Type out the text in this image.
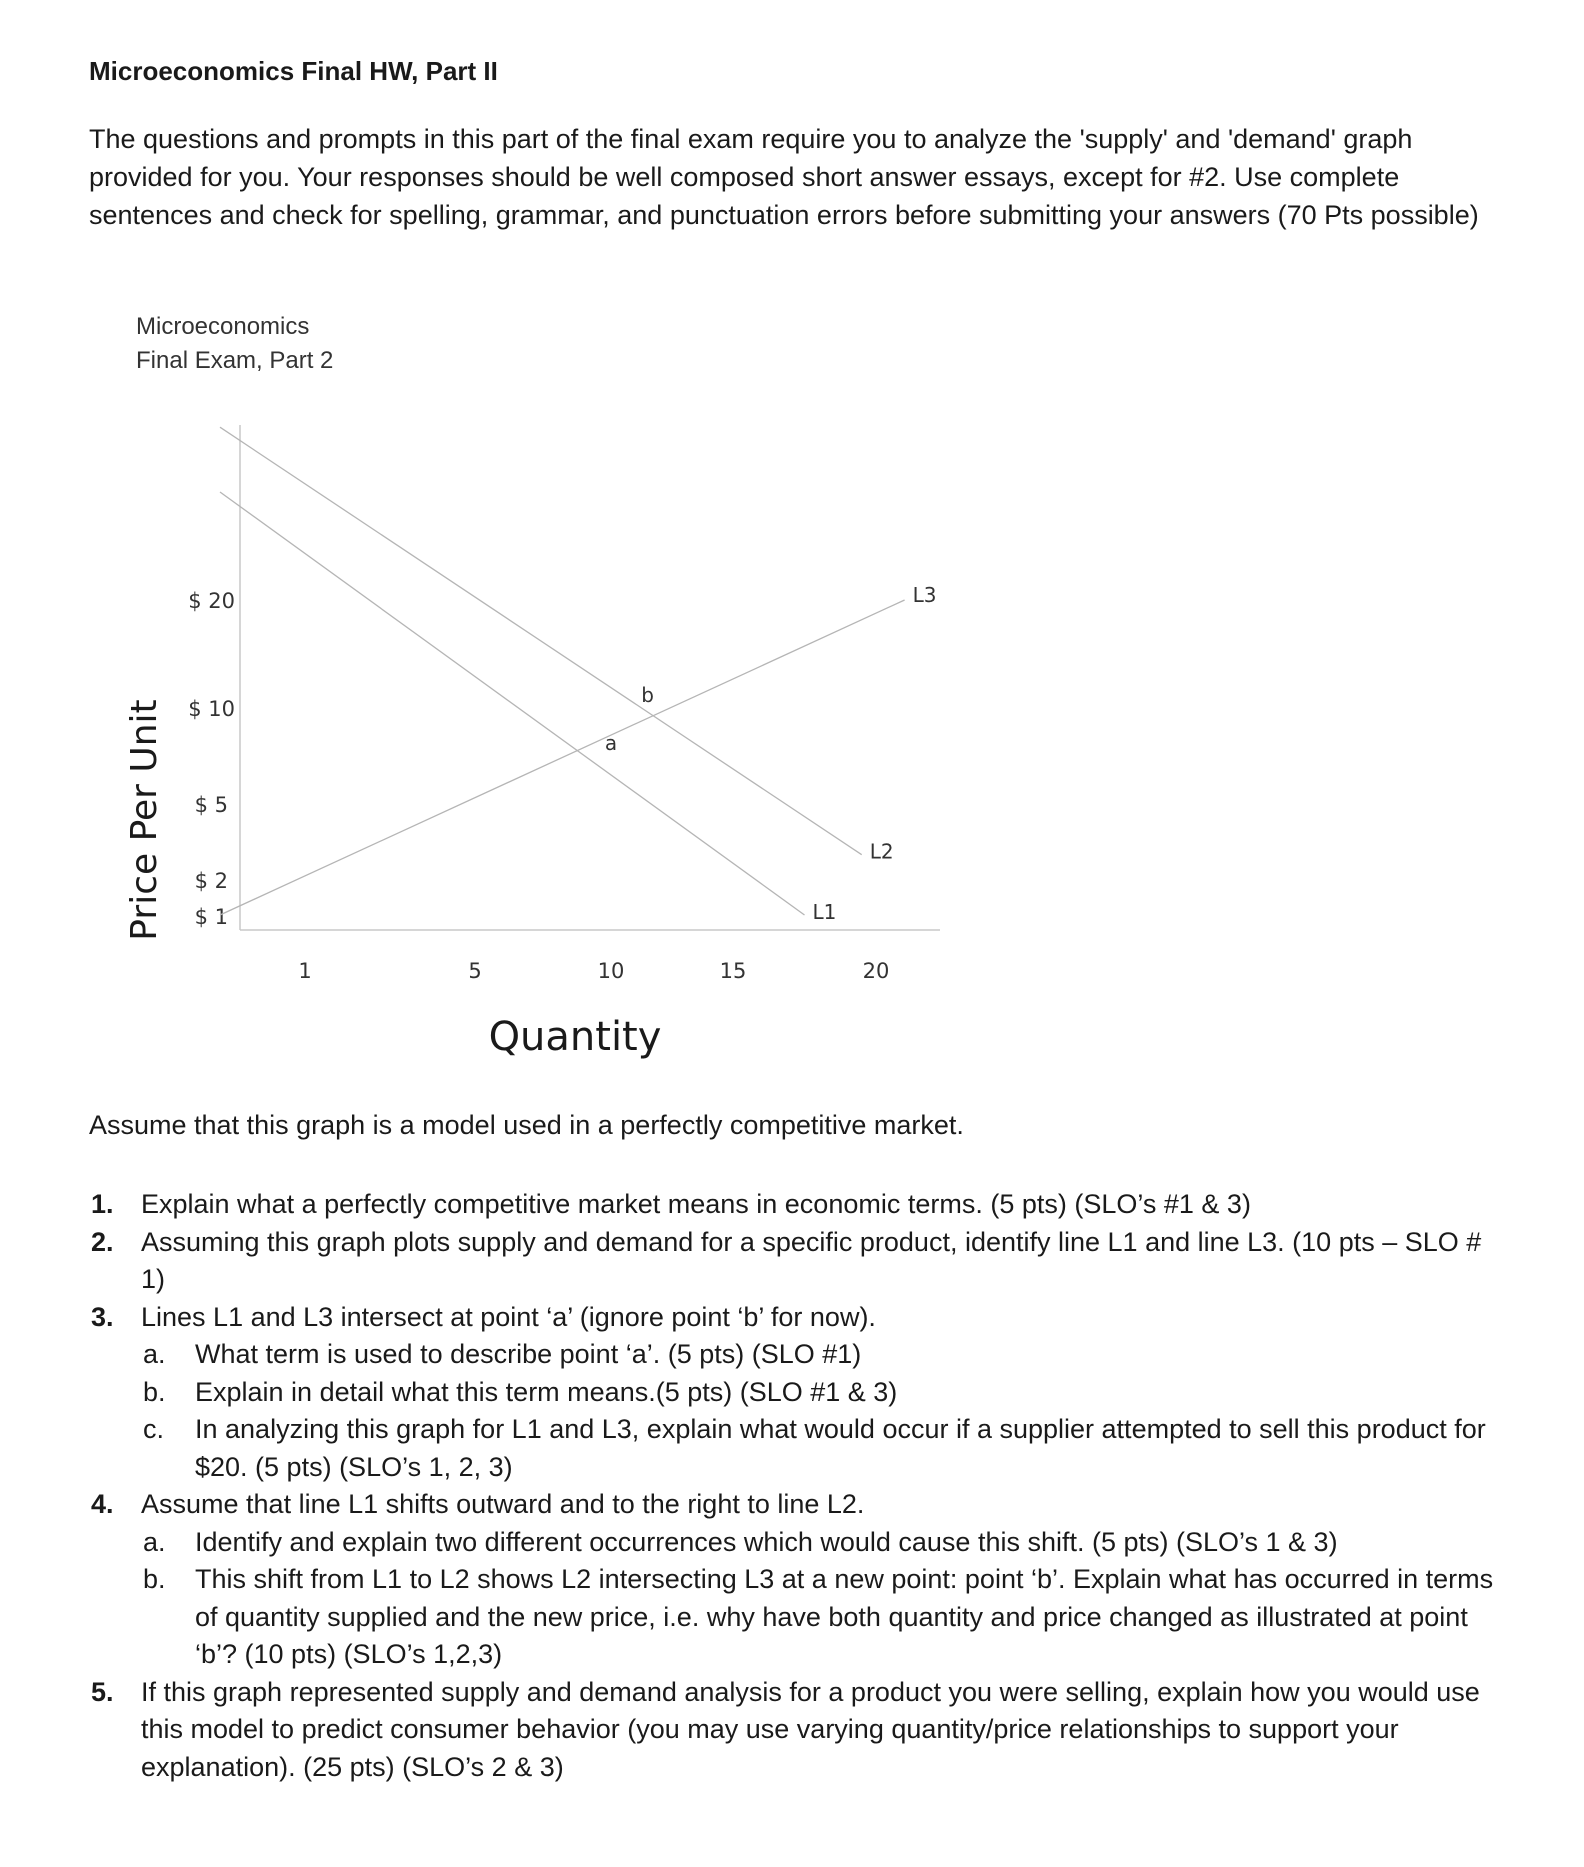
Microeconomics Final HW, Part II

The questions and prompts in this part of the final exam require you to analyze the 'supply' and 'demand' graph provided for you. Your responses should be well composed short answer essays, except for #2. Use complete sentences and check for spelling, grammar, and punctuation errors before submitting your answers (70 Pts possible)

Microeconomics
Final Exam, Part 2
Price Per Unit
Quantity
$ 20
$ 10
$ 5
$ 2
$ 1
1	5	10	15	20
L1
L2
L3
a
b

Assume that this graph is a model used in a perfectly competitive market.

1. Explain what a perfectly competitive market means in economic terms. (5 pts) (SLO’s #1 & 3)
2. Assuming this graph plots supply and demand for a specific product, identify line L1 and line L3. (10 pts – SLO # 1)
3. Lines L1 and L3 intersect at point ‘a’ (ignore point ‘b’ for now).
a. What term is used to describe point ‘a’. (5 pts) (SLO #1)
b. Explain in detail what this term means.(5 pts) (SLO #1 & 3)
c. In analyzing this graph for L1 and L3, explain what would occur if a supplier attempted to sell this product for $20. (5 pts) (SLO’s 1, 2, 3)
4. Assume that line L1 shifts outward and to the right to line L2.
a. Identify and explain two different occurrences which would cause this shift. (5 pts) (SLO’s 1 & 3)
b. This shift from L1 to L2 shows L2 intersecting L3 at a new point: point ‘b’. Explain what has occurred in terms of quantity supplied and the new price, i.e. why have both quantity and price changed as illustrated at point ‘b’? (10 pts) (SLO’s 1,2,3)
5. If this graph represented supply and demand analysis for a product you were selling, explain how you would use this model to predict consumer behavior (you may use varying quantity/price relationships to support your explanation). (25 pts) (SLO’s 2 & 3)
